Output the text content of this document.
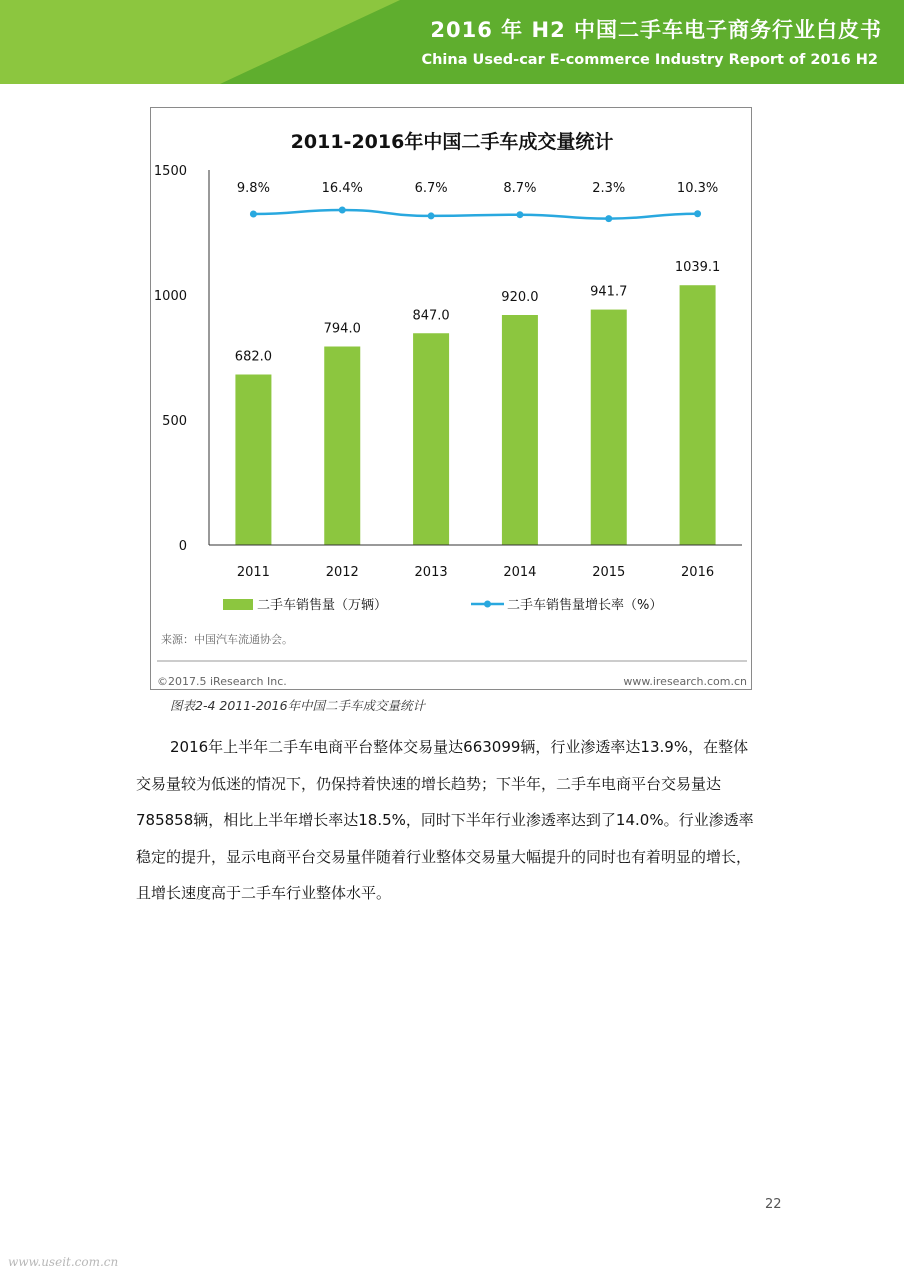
2016 年 H2 中国二手车电子商务行业白皮书
China Used-car E-commerce Industry Report of 2016 H2
2011-2016年中国二手车成交量统计
0
500
1000
1500
682.0
794.0
847.0
920.0	941.7
1039.1
9.8%	16.4%	6.7%	8.7%	2.3%	10.3%
2011	2012	2013	2014	2015	2016
二手车销售量（万辆）	二手车销售量增长率（%）
来源：中国汽车流通协会。
©2017.5 iResearch Inc.	www.iresearch.com.cn
图表2-4 2011-2016年中国二手车成交量统计
2016年上半年二手车电商平台整体交易量达663099辆，行业渗透率达13.9%，在整体
交易量较为低迷的情况下，仍保持着快速的增长趋势；下半年，二手车电商平台交易量达
785858辆，相比上半年增长率达18.5%，同时下半年行业渗透率达到了14.0%。行业渗透率
稳定的提升，显示电商平台交易量伴随着行业整体交易量大幅提升的同时也有着明显的增长，
且增长速度高于二手车行业整体水平。
22
www.useit.com.cn
